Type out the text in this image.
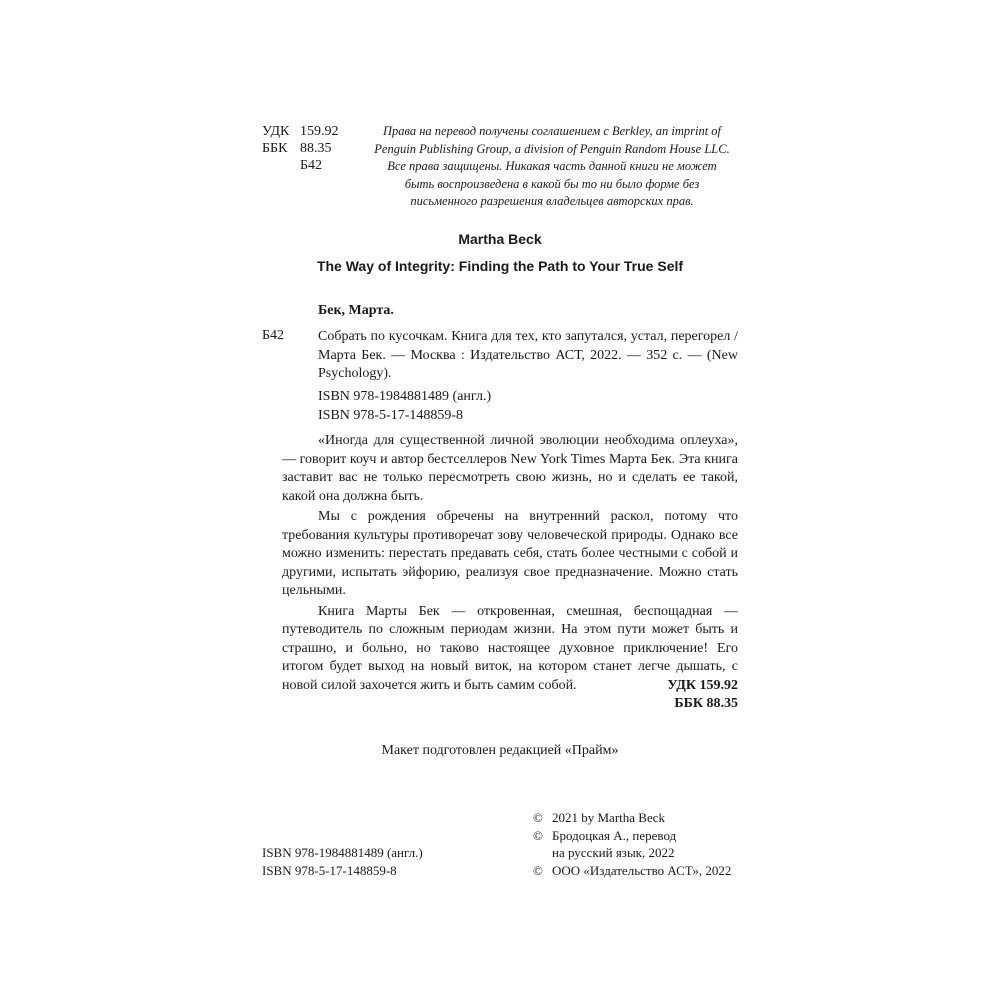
УДК 159.92
ББК 88.35
Б42
Права на перевод получены соглашением с Berkley, an imprint of
Penguin Publishing Group, a division of Penguin Random House LLC.
Все права защищены. Никакая часть данной книги не может
быть воспроизведена в какой бы то ни было форме без
письменного разрешения владельцев авторских прав.
Martha Beck
The Way of Integrity: Finding the Path to Your True Self
Бек, Марта.
Б42 Собрать по кусочкам. Книга для тех, кто запутался, устал, перегорел / Марта Бек. — Москва : Издательство АСТ, 2022. — 352 с. — (New Psychology).
ISBN 978-1984881489 (англ.)
ISBN 978-5-17-148859-8

«Иногда для существенной личной эволюции необходима оплеуха», — говорит коуч и автор бестселлеров New York Times Марта Бек. Эта книга заставит вас не только пересмотреть свою жизнь, но и сделать ее такой, какой она должна быть.

Мы с рождения обречены на внутренний раскол, потому что требования культуры противоречат зову человеческой природы. Однако все можно изменить: перестать предавать себя, стать более честными с собой и другими, испытать эйфорию, реализуя свое предназначение. Можно стать цельными.

Книга Марты Бек — откровенная, смешная, беспощадная — путеводитель по сложным периодам жизни. На этом пути может быть и страшно, и больно, но таково настоящее духовное приключение! Его итогом будет выход на новый виток, на котором станет легче дышать, с новой силой захочется жить и быть самим собой.	УДК 159.92
ББК 88.35
Макет подготовлен редакцией «Прайм»
ISBN 978-1984881489 (англ.)
ISBN 978-5-17-148859-8
© 2021 by Martha Beck
© Бродоцкая А., перевод
на русский язык, 2022
© ООО «Издательство АСТ», 2022
